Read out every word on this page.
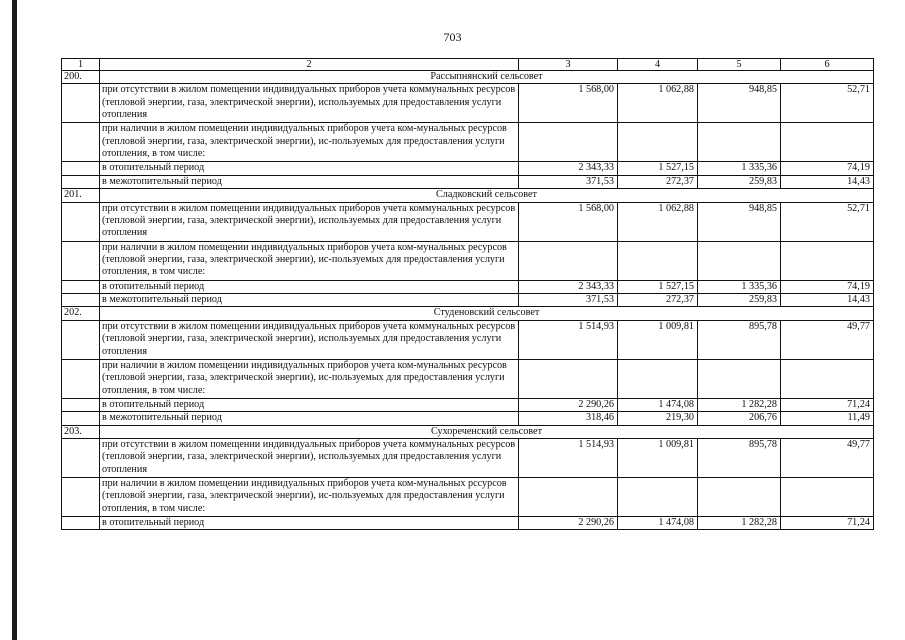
703
1	2	3	4	5	6
200.	Рассыпнянский сельсовет				
	при отсутствии в жилом помещении индивидуальных приборов учета коммунальных ресурсов (тепловой энергии, газа, электрической энергии), используемых для предоставления услуги отопления	1 568,00	1 062,88	948,85	52,71
	при наличии в жилом помещении индивидуальных приборов учета ком-мунальных ресурсов (тепловой энергии, газа, электрической энергии), ис-пользуемых для предоставления услуги отопления, в том числе:				
	в отопительный период	2 343,33	1 527,15	1 335,36	74,19
	в межотопительный период	371,53	272,37	259,83	14,43
201.	Сладковский сельсовет				
	при отсутствии в жилом помещении индивидуальных приборов учета коммунальных ресурсов (тепловой энергии, газа, электрической энергии), используемых для предоставления услуги отопления	1 568,00	1 062,88	948,85	52,71
	при наличии в жилом помещении индивидуальных приборов учета ком-мунальных ресурсов (тепловой энергии, газа, электрической энергии), ис-пользуемых для предоставления услуги отопления, в том числе:				
	в отопительный период	2 343,33	1 527,15	1 335,36	74,19
	в межотопительный период	371,53	272,37	259,83	14,43
202.	Студеновский сельсовет				
	при отсутствии в жилом помещении индивидуальных приборов учета коммунальных ресурсов (тепловой энергии, газа, электрической энергии), используемых для предоставления услуги отопления	1 514,93	1 009,81	895,78	49,77
	при наличии в жилом помещении индивидуальных приборов учета ком-мунальных ресурсов (тепловой энергии, газа, электрической энергии), ис-пользуемых для предоставления услуги отопления, в том числе:				
	в отопительный период	2 290,26	1 474,08	1 282,28	71,24
	в межотопительный период	318,46	219,30	206,76	11,49
203.	Сухореченский сельсовет				
	при отсутствии в жилом помещении индивидуальных приборов учета коммунальных ресурсов (тепловой энергии, газа, электрической энергии), используемых для предоставления услуги отопления	1 514,93	1 009,81	895,78	49,77
	при наличии в жилом помещении индивидуальных приборов учета ком-мунальных рссурсов (тепловой энергии, газа, электрической энергии), ис-пользуемых для предоставления услуги отопления, в том числе:				
	в отопительный период	2 290,26	1 474,08	1 282,28	71,24
